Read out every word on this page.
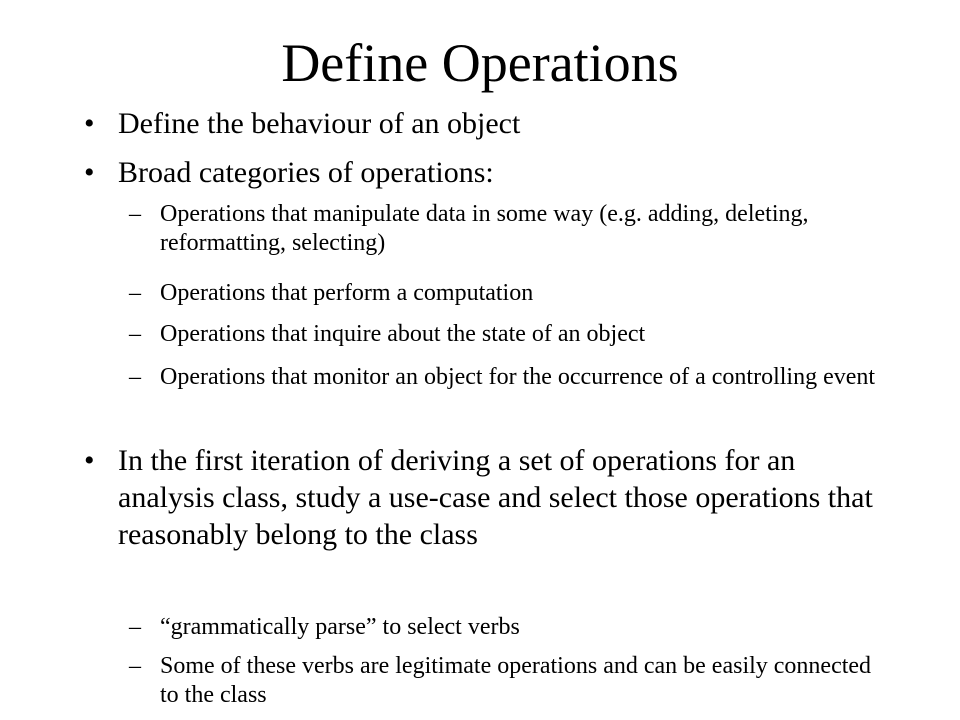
Define Operations
• Define the behaviour of an object
• Broad categories of operations:
– Operations that manipulate data in some way (e.g. adding, deleting, reformatting, selecting)
– Operations that perform a computation
– Operations that inquire about the state of an object
– Operations that monitor an object for the occurrence of a controlling event
• In the first iteration of deriving a set of operations for an analysis class, study a use-case and select those operations that reasonably belong to the class
– “grammatically parse” to select verbs
– Some of these verbs are legitimate operations and can be easily connected to the class
